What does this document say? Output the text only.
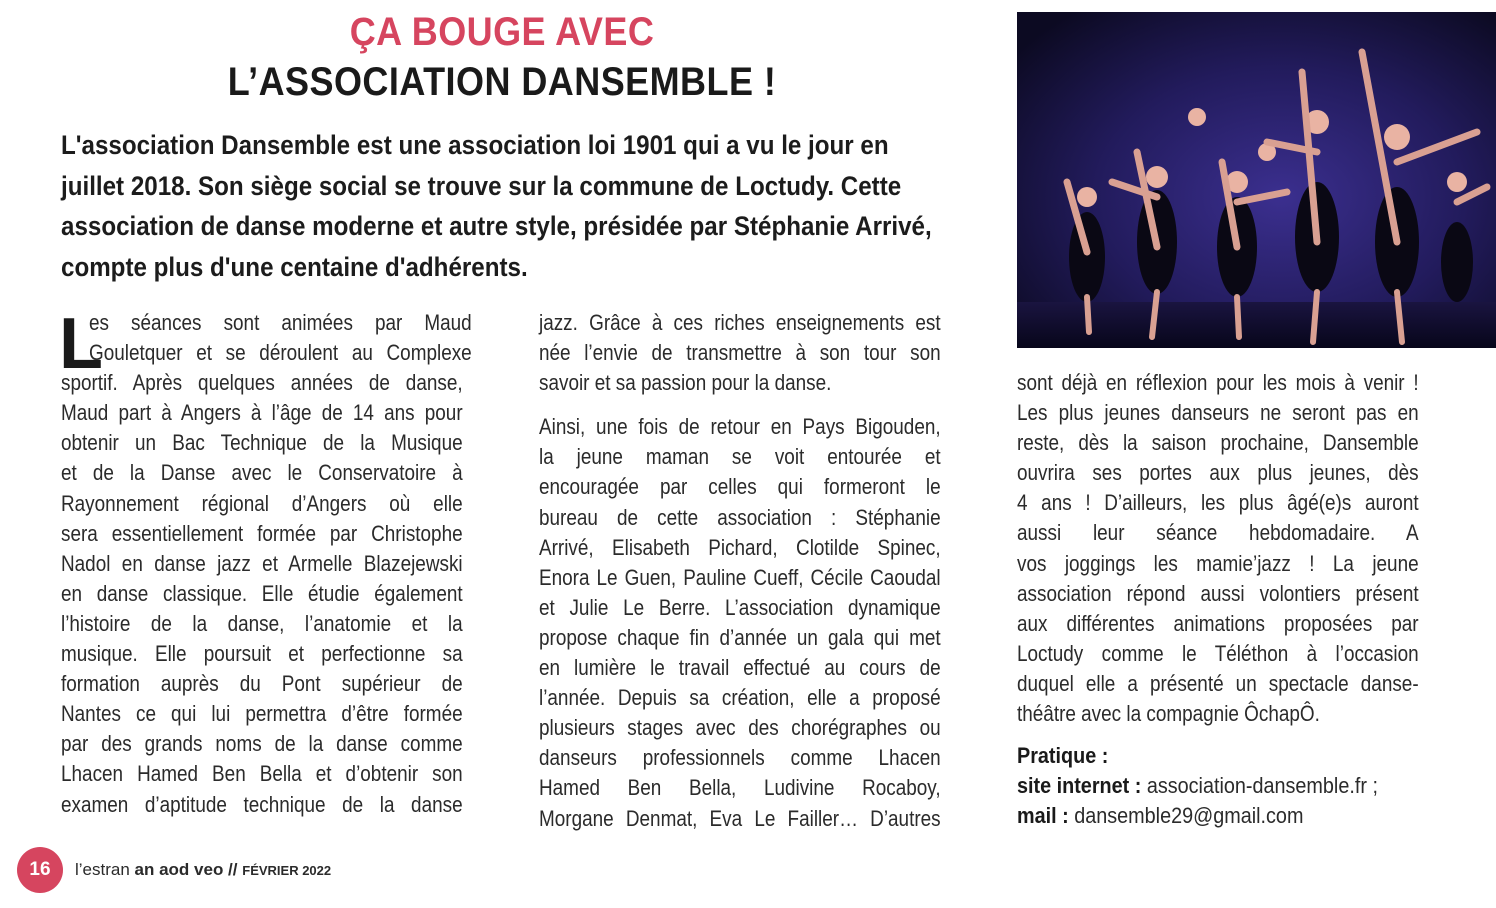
ÇA BOUGE AVEC
L’ASSOCIATION DANSEMBLE !
L'association Dansemble est une association loi 1901 qui a vu le jour en
juillet 2018. Son siège social se trouve sur la commune de Loctudy. Cette
association de danse moderne et autre style, présidée par Stéphanie Arrivé,
compte plus d'une centaine d'adhérents.
L
es séances sont animées par Maud
Gouletquer et se déroulent au Complexe
sportif. Après quelques années de danse,
Maud part à Angers à l’âge de 14 ans pour
obtenir un Bac Technique de la Musique
et de la Danse avec le Conservatoire à
Rayonnement régional d’Angers où elle
sera essentiellement formée par Christophe
Nadol en danse jazz et Armelle Blazejewski
en danse classique. Elle étudie également
l’histoire de la danse, l’anatomie et la
musique. Elle poursuit et perfectionne sa
formation auprès du Pont supérieur de
Nantes ce qui lui permettra d’être formée
par des grands noms de la danse comme
Lhacen Hamed Ben Bella et d’obtenir son
examen d’aptitude technique de la danse
jazz. Grâce à ces riches enseignements est
née l’envie de transmettre à son tour son
savoir et sa passion pour la danse.
Ainsi, une fois de retour en Pays Bigouden,
la jeune maman se voit entourée et
encouragée par celles qui formeront le
bureau de cette association : Stéphanie
Arrivé, Elisabeth Pichard, Clotilde Spinec,
Enora Le Guen, Pauline Cueff, Cécile Caoudal
et Julie Le Berre. L’association dynamique
propose chaque fin d’année un gala qui met
en lumière le travail effectué au cours de
l’année. Depuis sa création, elle a proposé
plusieurs stages avec des chorégraphes ou
danseurs professionnels comme Lhacen
Hamed Ben Bella, Ludivine Rocaboy,
Morgane Denmat, Eva Le Failler… D’autres
sont déjà en réflexion pour les mois à venir !
Les plus jeunes danseurs ne seront pas en
reste, dès la saison prochaine, Dansemble
ouvrira ses portes aux plus jeunes, dès
4 ans ! D’ailleurs, les plus âgé(e)s auront
aussi leur séance hebdomadaire. A
vos joggings les mamie’jazz ! La jeune
association répond aussi volontiers présent
aux différentes animations proposées par
Loctudy comme le Téléthon à l’occasion
duquel elle a présenté un spectacle danse-
théâtre avec la compagnie ÔchapÔ.
Pratique :
site internet : association-dansemble.fr ;
mail : dansemble29@gmail.com
16	l’estran an aod veo // FÉVRIER 2022
